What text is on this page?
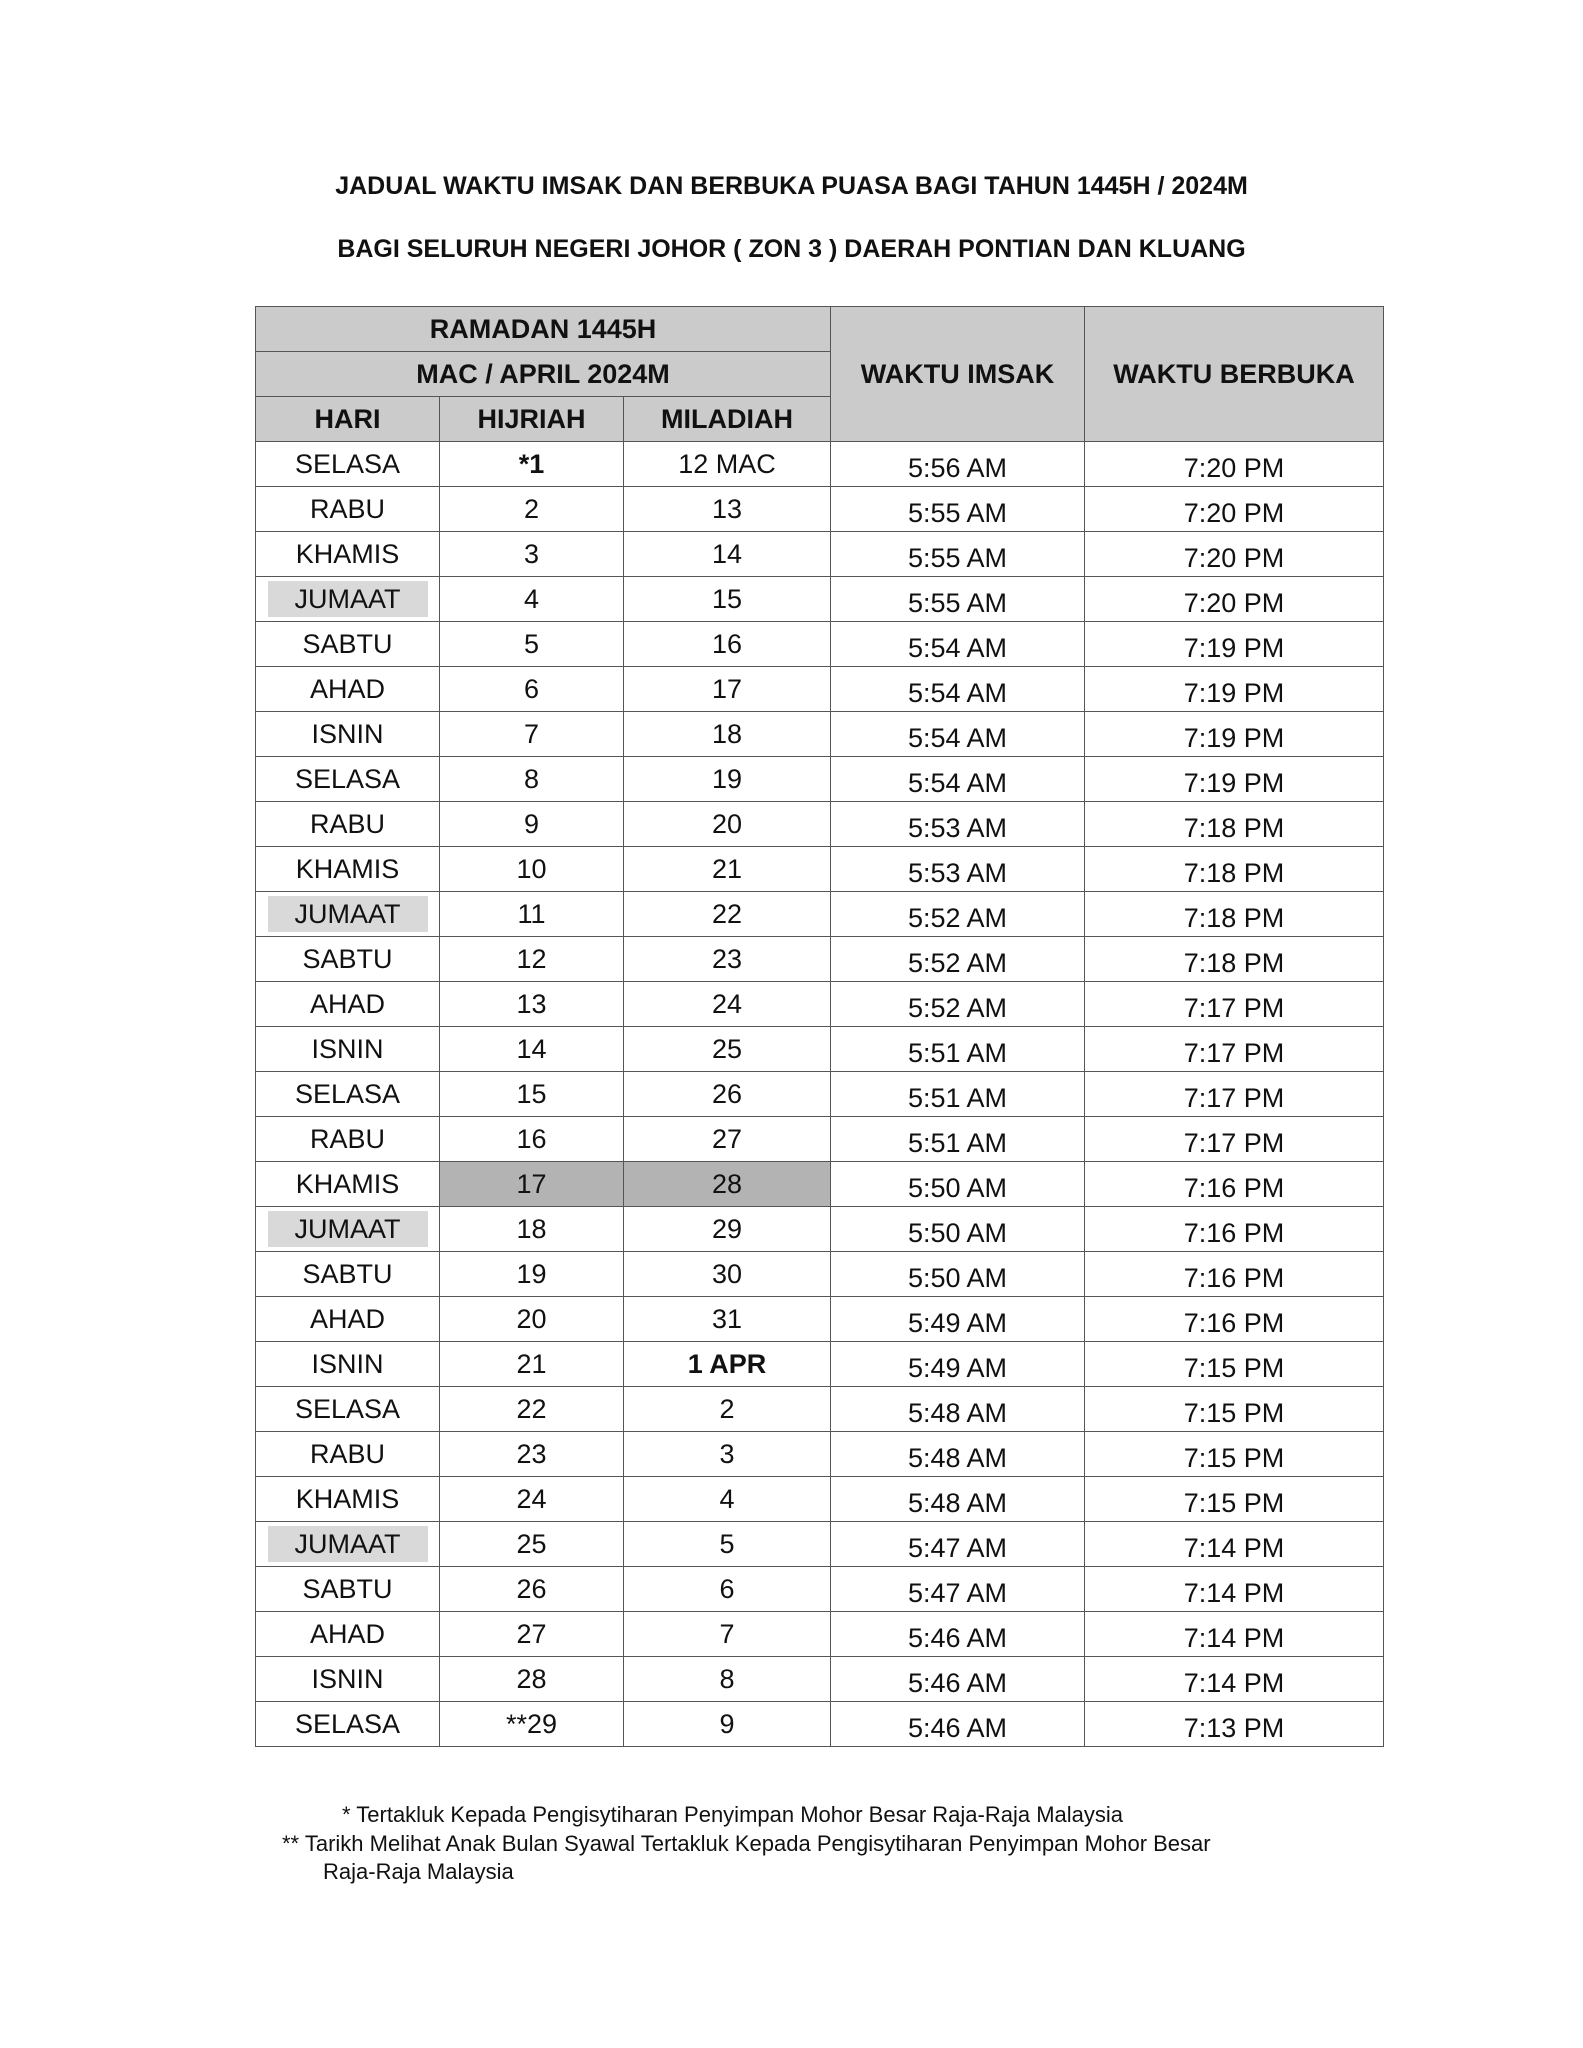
JADUAL WAKTU IMSAK DAN BERBUKA PUASA BAGI TAHUN 1445H / 2024M
BAGI SELURUH NEGERI JOHOR ( ZON 3 ) DAERAH PONTIAN DAN KLUANG
RAMADAN 1445H			WAKTU IMSAK	WAKTU BERBUKA
MAC / APRIL 2024M				
HARI	HIJRIAH	MILADIAH		
SELASA	*1	12 MAC	5:56 AM	7:20 PM
RABU	2	13	5:55 AM	7:20 PM
KHAMIS	3	14	5:55 AM	7:20 PM
JUMAAT	4	15	5:55 AM	7:20 PM
SABTU	5	16	5:54 AM	7:19 PM
AHAD	6	17	5:54 AM	7:19 PM
ISNIN	7	18	5:54 AM	7:19 PM
SELASA	8	19	5:54 AM	7:19 PM
RABU	9	20	5:53 AM	7:18 PM
KHAMIS	10	21	5:53 AM	7:18 PM
JUMAAT	11	22	5:52 AM	7:18 PM
SABTU	12	23	5:52 AM	7:18 PM
AHAD	13	24	5:52 AM	7:17 PM
ISNIN	14	25	5:51 AM	7:17 PM
SELASA	15	26	5:51 AM	7:17 PM
RABU	16	27	5:51 AM	7:17 PM
KHAMIS	17	28	5:50 AM	7:16 PM
JUMAAT	18	29	5:50 AM	7:16 PM
SABTU	19	30	5:50 AM	7:16 PM
AHAD	20	31	5:49 AM	7:16 PM
ISNIN	21	1 APR	5:49 AM	7:15 PM
SELASA	22	2	5:48 AM	7:15 PM
RABU	23	3	5:48 AM	7:15 PM
KHAMIS	24	4	5:48 AM	7:15 PM
JUMAAT	25	5	5:47 AM	7:14 PM
SABTU	26	6	5:47 AM	7:14 PM
AHAD	27	7	5:46 AM	7:14 PM
ISNIN	28	8	5:46 AM	7:14 PM
SELASA	**29	9	5:46 AM	7:13 PM
* Tertakluk Kepada Pengisytiharan Penyimpan Mohor Besar Raja-Raja Malaysia
** Tarikh Melihat Anak Bulan Syawal Tertakluk Kepada Pengisytiharan Penyimpan Mohor Besar
Raja-Raja Malaysia
